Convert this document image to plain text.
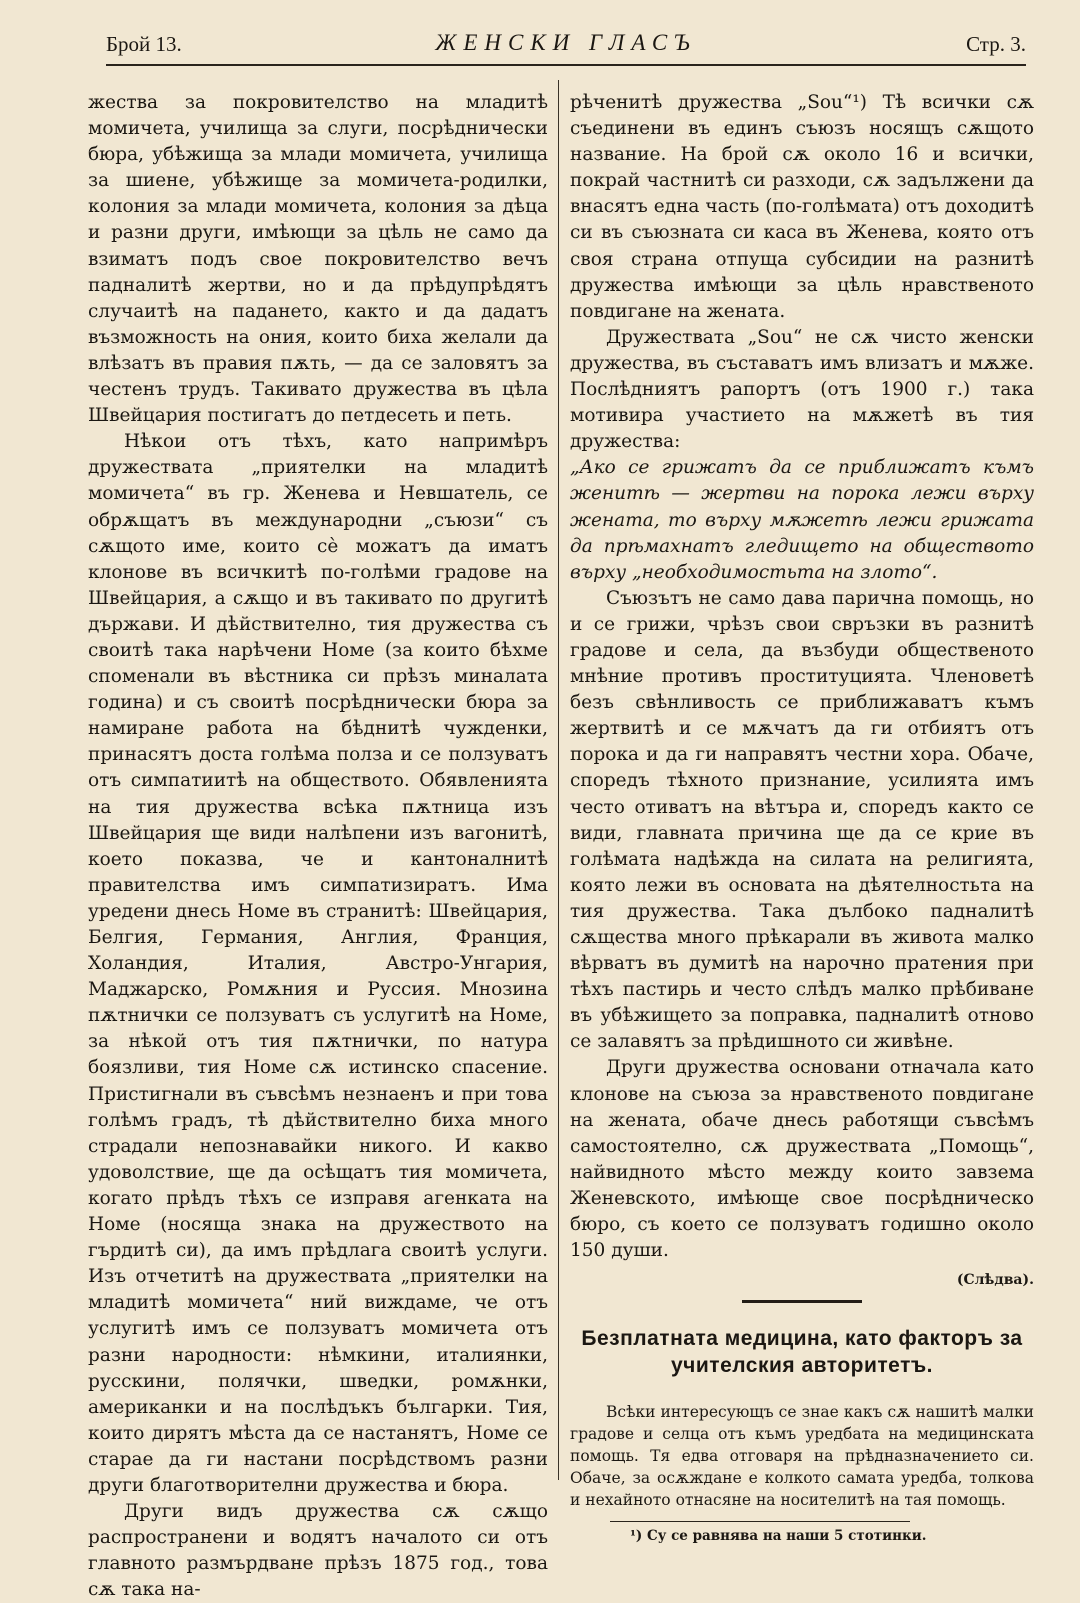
Брой 13.	ЖЕНСКИ ГЛАСЪ	Стр. 3.

жества за покровителство на младитѣ момичета, училища за слуги, посрѣднически бюра, убѣжища за млади момичета, училища за шиене, убѣжище за момичета-родилки, колония за млади момичета, колония за дѣца и разни други, имѣющи за цѣль не само да взиматъ подъ свое покровителство вечъ падналитѣ жертви, но и да прѣдупрѣдятъ случаитѣ на падането, както и да дадатъ възможность на ония, които биха желали да влѣзатъ въ правия пѫть, — да се заловятъ за честенъ трудъ. Такивато дружества въ цѣла Швейцария постигатъ до петдесеть и петь.

Нѣкои отъ тѣхъ, като напримѣръ дружествата „приятелки на младитѣ момичета“ въ гр. Женева и Невшатель, се обрѫщатъ въ международни „съюзи“ съ сѫщото име, които сѐ можатъ да иматъ клонове въ всичкитѣ по-голѣми градове на Швейцария, а сѫщо и въ такивато по другитѣ държави. И дѣйствително, тия дружества съ своитѣ така нарѣчени Номе (за които бѣхме споменали въ вѣстника си прѣзъ миналата година) и съ своитѣ посрѣднически бюра за намиране работа на бѣднитѣ чужденки, принасятъ доста голѣма полза и се ползуватъ отъ симпатиитѣ на обществото. Обявленията на тия дружества всѣка пѫтница изъ Швейцария ще види налѣпени изъ вагонитѣ, което показва, че и кантоналнитѣ правителства имъ симпатизиратъ. Има уредени днесь Номе въ странитѣ: Швейцария, Белгия, Германия, Англия, Франция, Холандия, Италия, Австро-Унгария, Маджарско, Ромѫния и Руссия. Мнозина пѫтнички се ползуватъ съ услугитѣ на Номе, за нѣкой отъ тия пѫтнички, по натура боязливи, тия Номе сѫ истинско спасение. Пристигнали въ съвсѣмъ незнаенъ и при това голѣмъ градъ, тѣ дѣйствително биха много страдали непознавайки никого. И какво удоволствие, ще да осѣщатъ тия момичета, когато прѣдъ тѣхъ се изправя агенката на Номе (носяща знака на дружеството на гърдитѣ си), да имъ прѣдлага своитѣ услуги. Изъ отчетитѣ на дружествата „приятелки на младитѣ момичета“ ний виждаме, че отъ услугитѣ имъ се ползуватъ момичета отъ разни народности: нѣмкини, италиянки, русскини, полячки, шведки, ромѫнки, американки и на послѣдъкъ българки. Тия, които дирятъ мѣста да се настанятъ, Номе се старае да ги настани посрѣдствомъ разни други благотворителни дружества и бюра.

Други видъ дружества сѫ сѫщо распространени и водятъ началото си отъ главното размърдване прѣзъ 1875 год., това сѫ така на-

рѣченитѣ дружества „Sou“¹) Тѣ всички сѫ съединени въ единъ съюзъ носящъ сѫщото название. На брой сѫ около 16 и всички, покрай частнитѣ си разходи, сѫ задължени да внасятъ една часть (по-голѣмата) отъ доходитѣ си въ съюзната си каса въ Женева, която отъ своя страна отпуща субсидии на разнитѣ дружества имѣющи за цѣль нравственото повдигане на жената.

Дружествата „Sou“ не сѫ чисто женски дружества, въ съставатъ имъ влизатъ и мѫже. Послѣдниятъ рапортъ (отъ 1900 г.) така мотивира участието на мѫжетѣ въ тия дружества:

„Ако се грижатъ да се приближатъ къмъ женитѣ — жертви на порока лежи върху жената, то върху мѫжетѣ лежи грижата да прѣмахнатъ гледището на обществото върху „необходимостьта на злото“.

Съюзътъ не само дава парична помощь, но и се грижи, чрѣзъ свои свръзки въ разнитѣ градове и села, да възбуди общественото мнѣние противъ проституцията. Членоветѣ безъ свѣнливость се приближаватъ къмъ жертвитѣ и се мѫчатъ да ги отбиятъ отъ порока и да ги направятъ честни хора. Обаче, споредъ тѣхното признание, усилията имъ често отиватъ на вѣтъра и, споредъ както се види, главната причина ще да се крие въ голѣмата надѣжда на силата на религията, която лежи въ основата на дѣятелностьта на тия дружества. Така дълбоко падналитѣ сѫщества много прѣкарали въ живота малко вѣрватъ въ думитѣ на нарочно пратения при тѣхъ пастирь и често слѣдъ малко прѣбиване въ убѣжището за поправка, падналитѣ отново се залавятъ за прѣдишното си живѣне.

Други дружества основани отначала като клонове на съюза за нравственото повдигане на жената, обаче днесь работящи съвсѣмъ самостоятелно, сѫ дружествата „Помощь“, найвидното мѣсто между които завзема Женевското, имѣюще свое посрѣдническо бюро, съ което се ползуватъ годишно около 150 души.

(Слѣдва).
Безплатната медицина, като факторъ за учителския авторитетъ.

Всѣки интересующъ се знае какъ сѫ нашитѣ малки градове и селца отъ къмъ уредбата на медицинската помощь. Тя едва отговаря на прѣдназначението си. Обаче, за осѫждане е колкото самата уредба, толкова и нехайното отнасяне на носителитѣ на тая помощь.

¹) Су се равнява на наши 5 стотинки.
